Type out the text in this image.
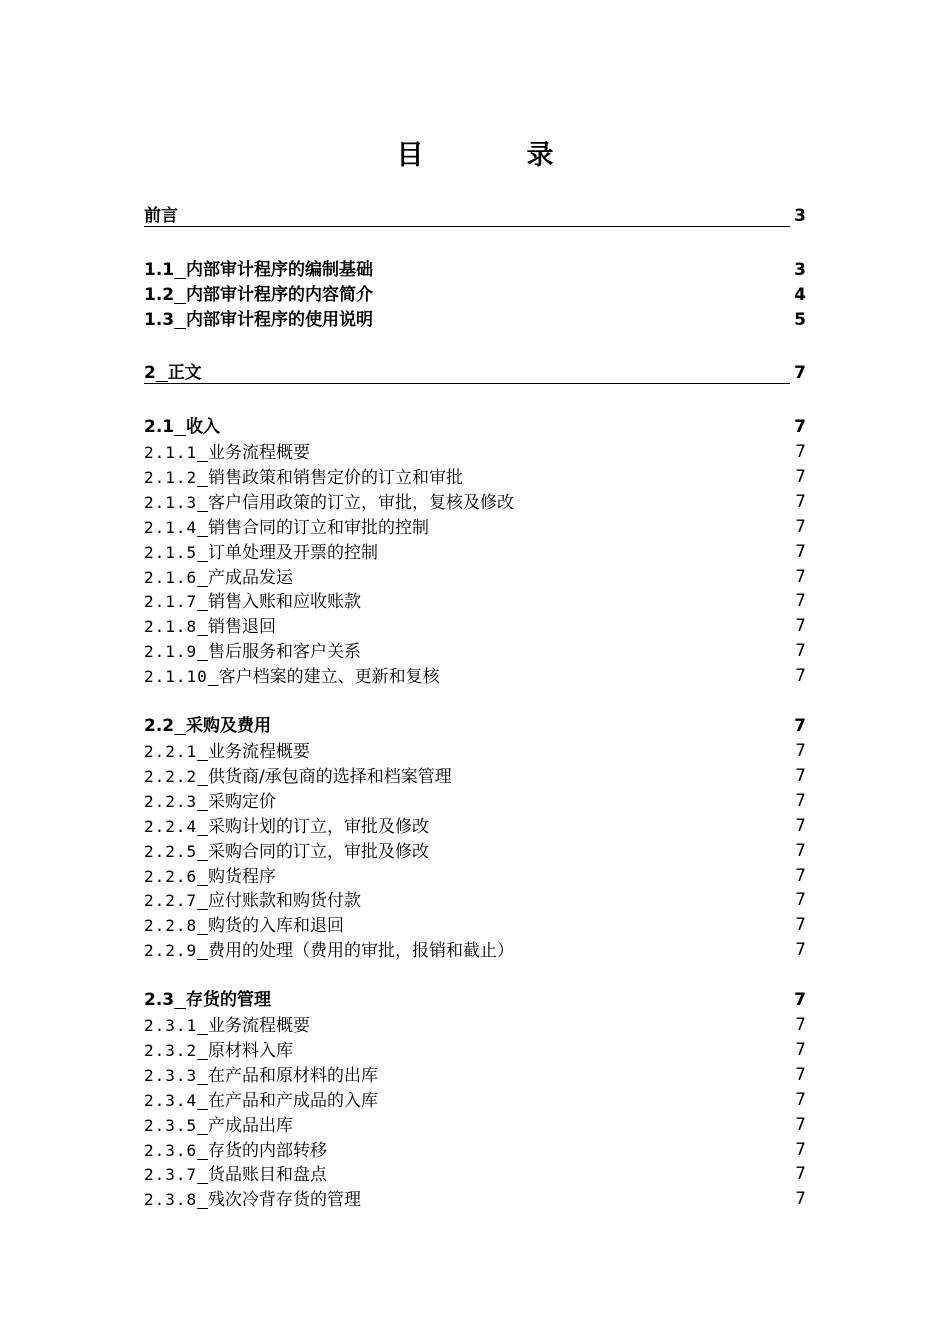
目　录
前言	3
1.1 内部审计程序的编制基础	3
1.2 内部审计程序的内容简介	4
1.3 内部审计程序的使用说明	5
2 正文	7
2.1 收入	7
2.1.1 业务流程概要	7
2.1.2 销售政策和销售定价的订立和审批	7
2.1.3 客户信用政策的订立，审批，复核及修改	7
2.1.4 销售合同的订立和审批的控制	7
2.1.5 订单处理及开票的控制	7
2.1.6 产成品发运	7
2.1.7 销售入账和应收账款	7
2.1.8 销售退回	7
2.1.9 售后服务和客户关系	7
2.1.10 客户档案的建立、更新和复核	7
2.2 采购及费用	7
2.2.1 业务流程概要	7
2.2.2 供货商/承包商的选择和档案管理	7
2.2.3 采购定价	7
2.2.4 采购计划的订立，审批及修改	7
2.2.5 采购合同的订立，审批及修改	7
2.2.6 购货程序	7
2.2.7 应付账款和购货付款	7
2.2.8 购货的入库和退回	7
2.2.9 费用的处理（费用的审批，报销和截止）	7
2.3 存货的管理	7
2.3.1 业务流程概要	7
2.3.2 原材料入库	7
2.3.3 在产品和原材料的出库	7
2.3.4 在产品和产成品的入库	7
2.3.5 产成品出库	7
2.3.6 存货的内部转移	7
2.3.7 货品账目和盘点	7
2.3.8 残次冷背存货的管理	7
